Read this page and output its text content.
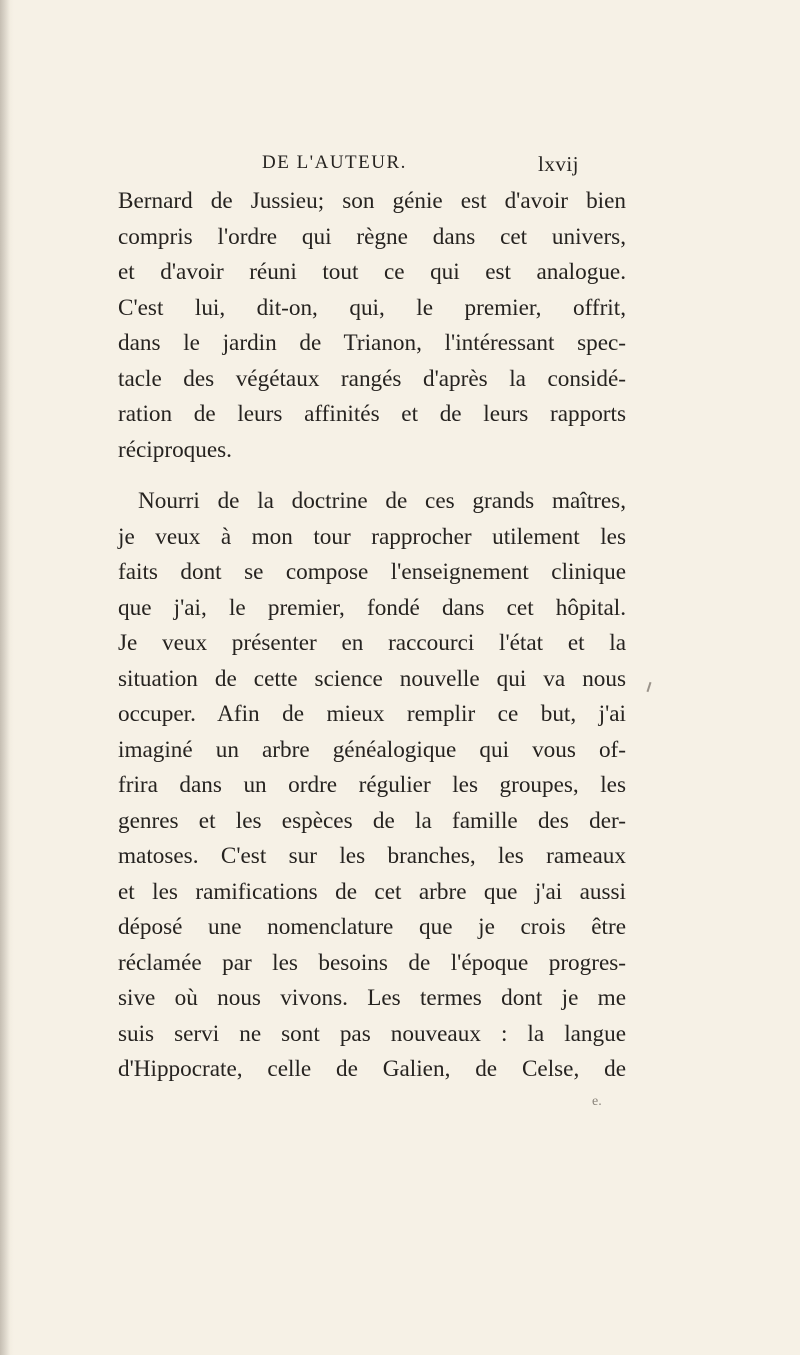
DE L'AUTEUR.	lxvij
Bernard de Jussieu; son génie est d'avoir bien
compris l'ordre qui règne dans cet univers,
et d'avoir réuni tout ce qui est analogue.
C'est lui, dit-on, qui, le premier, offrit,
dans le jardin de Trianon, l'intéressant spec-
tacle des végétaux rangés d'après la considé-
ration de leurs affinités et de leurs rapports
réciproques.
Nourri de la doctrine de ces grands maîtres,
je veux à mon tour rapprocher utilement les
faits dont se compose l'enseignement clinique
que j'ai, le premier, fondé dans cet hôpital.
Je veux présenter en raccourci l'état et la
situation de cette science nouvelle qui va nous
occuper. Afin de mieux remplir ce but, j'ai
imaginé un arbre généalogique qui vous of-
frira dans un ordre régulier les groupes, les
genres et les espèces de la famille des der-
matoses. C'est sur les branches, les rameaux
et les ramifications de cet arbre que j'ai aussi
déposé une nomenclature que je crois être
réclamée par les besoins de l'époque progres-
sive où nous vivons. Les termes dont je me
suis servi ne sont pas nouveaux : la langue
d'Hippocrate, celle de Galien, de Celse, de
e.
